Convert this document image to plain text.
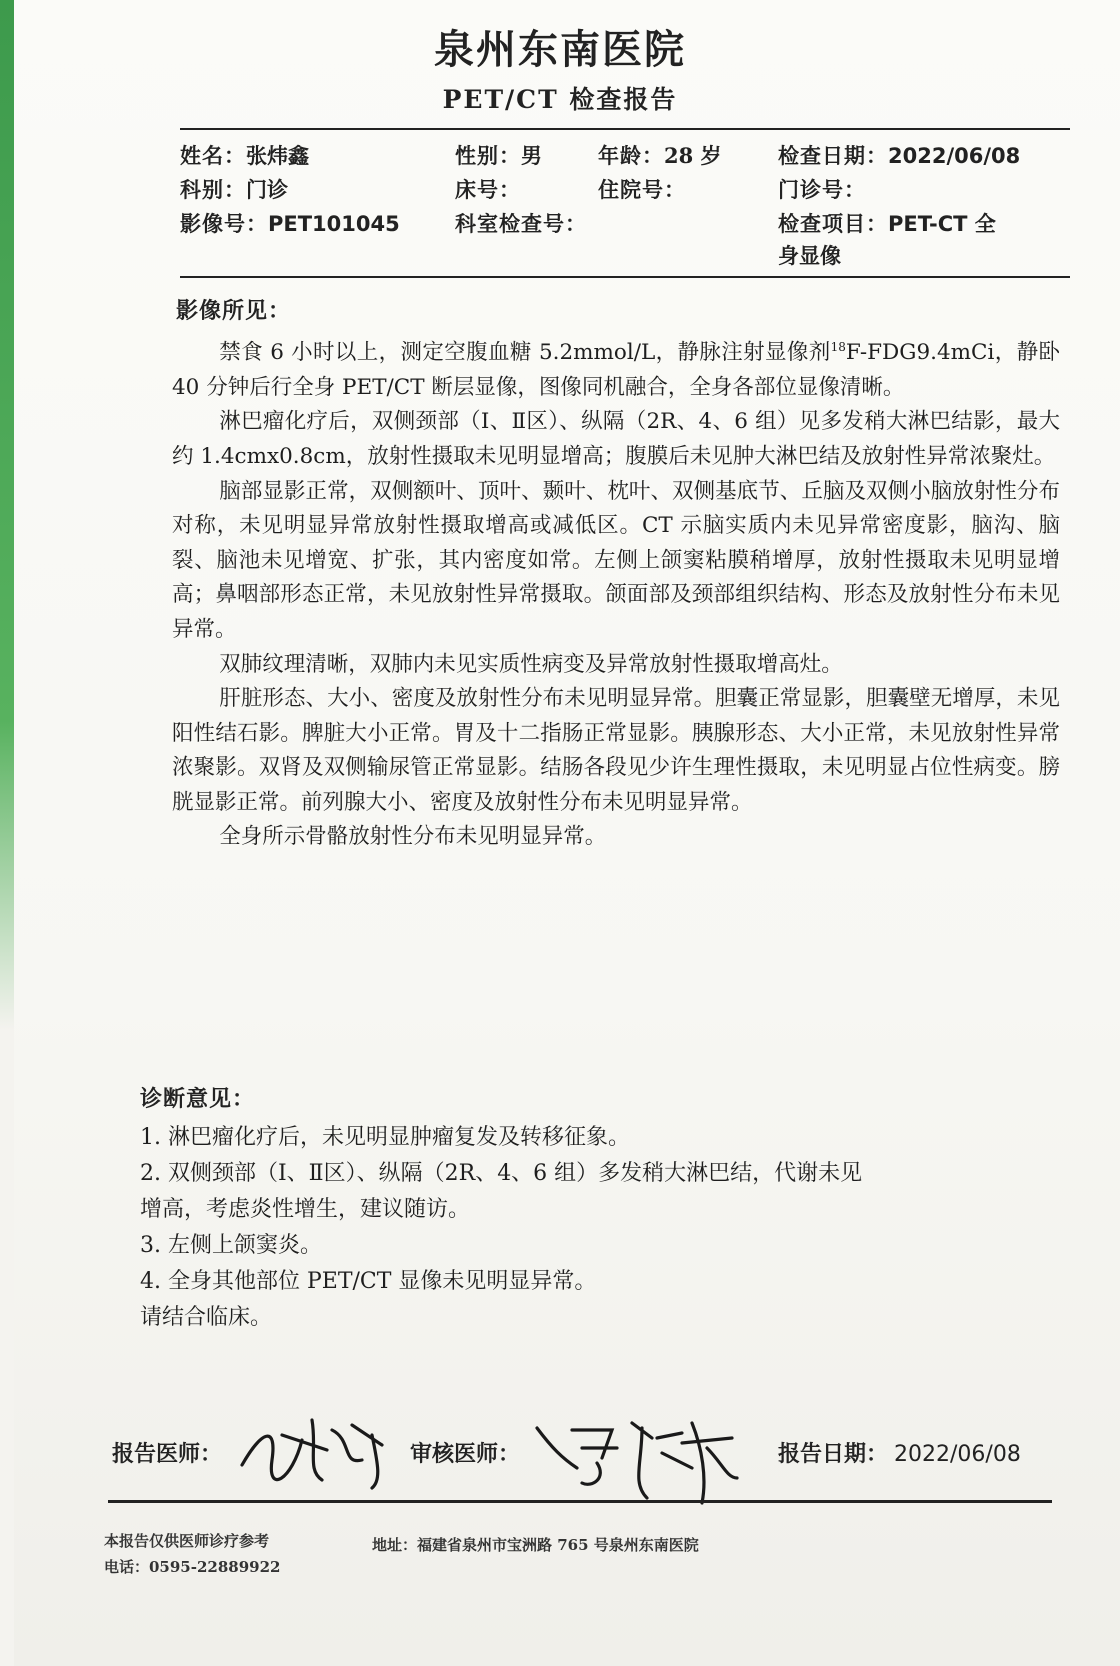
泉州东南医院
PET/CT 检查报告
姓名：张炜鑫	性别：男	年龄：28 岁	检查日期：2022/06/08
科别：门诊	床号：	住院号：	门诊号：
影像号：PET101045	科室检查号：	检查项目：PET-CT 全
身显像
影像所见：

禁食 6 小时以上，测定空腹血糖 5.2mmol/L，静脉注射显像剂$^{18}$F-FDG9.4mCi，静卧 40 分钟后行全身 PET/CT 断层显像，图像同机融合，全身各部位显像清晰。

淋巴瘤化疗后，双侧颈部（Ⅰ、Ⅱ区）、纵隔（2R、4、6 组）见多发稍大淋巴结影，最大约 1.4cmx0.8cm，放射性摄取未见明显增高；腹膜后未见肿大淋巴结及放射性异常浓聚灶。

脑部显影正常，双侧额叶、顶叶、颞叶、枕叶、双侧基底节、丘脑及双侧小脑放射性分布对称，未见明显异常放射性摄取增高或减低区。CT 示脑实质内未见异常密度影，脑沟、脑裂、脑池未见增宽、扩张，其内密度如常。左侧上颌窦粘膜稍增厚，放射性摄取未见明显增高；鼻咽部形态正常，未见放射性异常摄取。颌面部及颈部组织结构、形态及放射性分布未见异常。

双肺纹理清晰，双肺内未见实质性病变及异常放射性摄取增高灶。

肝脏形态、大小、密度及放射性分布未见明显异常。胆囊正常显影，胆囊壁无增厚，未见阳性结石影。脾脏大小正常。胃及十二指肠正常显影。胰腺形态、大小正常，未见放射性异常浓聚影。双肾及双侧输尿管正常显影。结肠各段见少许生理性摄取，未见明显占位性病变。膀胱显影正常。前列腺大小、密度及放射性分布未见明显异常。

全身所示骨骼放射性分布未见明显异常。

诊断意见：
1. 淋巴瘤化疗后，未见明显肿瘤复发及转移征象。
2. 双侧颈部（Ⅰ、Ⅱ区）、纵隔（2R、4、6 组）多发稍大淋巴结，代谢未见
增高，考虑炎性增生，建议随访。
3. 左侧上颌窦炎。
4. 全身其他部位 PET/CT 显像未见明显异常。
请结合临床。
报告医师：	审核医师：	报告日期： 2022/06/08
本报告仅供医师诊疗参考
电话：0595-22889922
地址：福建省泉州市宝洲路 765 号泉州东南医院
